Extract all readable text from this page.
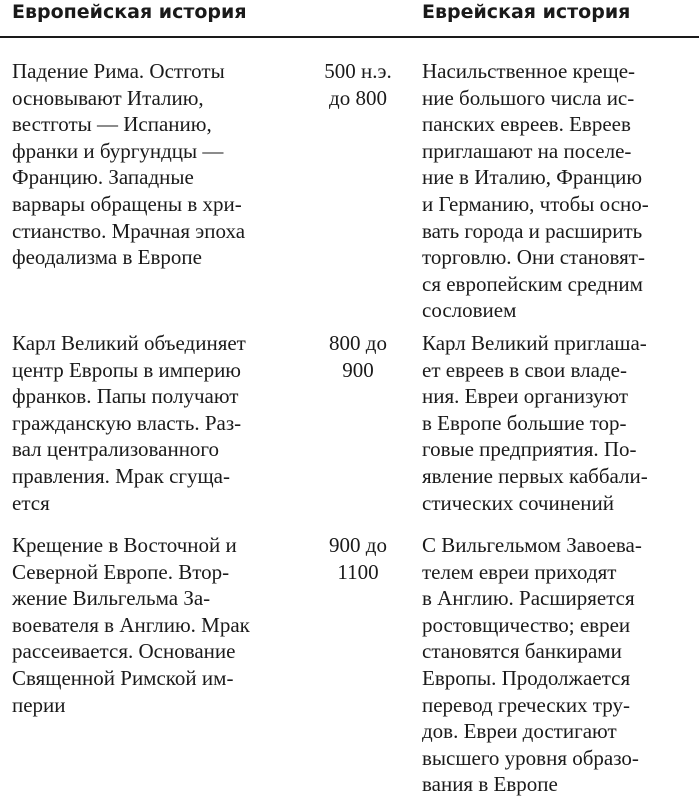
Европейская история	Еврейская история
Падение Рима. Остготы
основывают Италию,
вестготы — Испанию,
франки и бургундцы —
Францию. Западные
варвары обращены в хри-
стианство. Мрачная эпоха
феодализма в Европе
500 н.э.
до 800
Насильственное креще-
ние большого числа ис-
панских евреев. Евреев
приглашают на поселе-
ние в Италию, Францию
и Германию, чтобы осно-
вать города и расширить
торговлю. Они становят-
ся европейским средним
сословием
Карл Великий объединяет
центр Европы в империю
франков. Папы получают
гражданскую власть. Раз-
вал централизованного
правления. Мрак сгуща-
ется
800 до
900
Карл Великий приглаша-
ет евреев в свои владе-
ния. Евреи организуют
в Европе большие тор-
говые предприятия. По-
явление первых каббали-
стических сочинений
Крещение в Восточной и
Северной Европе. Втор-
жение Вильгельма За-
воевателя в Англию. Мрак
рассеивается. Основание
Священной Римской им-
перии
900 до
1100
С Вильгельмом Завоева-
телем евреи приходят
в Англию. Расширяется
ростовщичество; евреи
становятся банкирами
Европы. Продолжается
перевод греческих тру-
дов. Евреи достигают
высшего уровня образо-
вания в Европе
